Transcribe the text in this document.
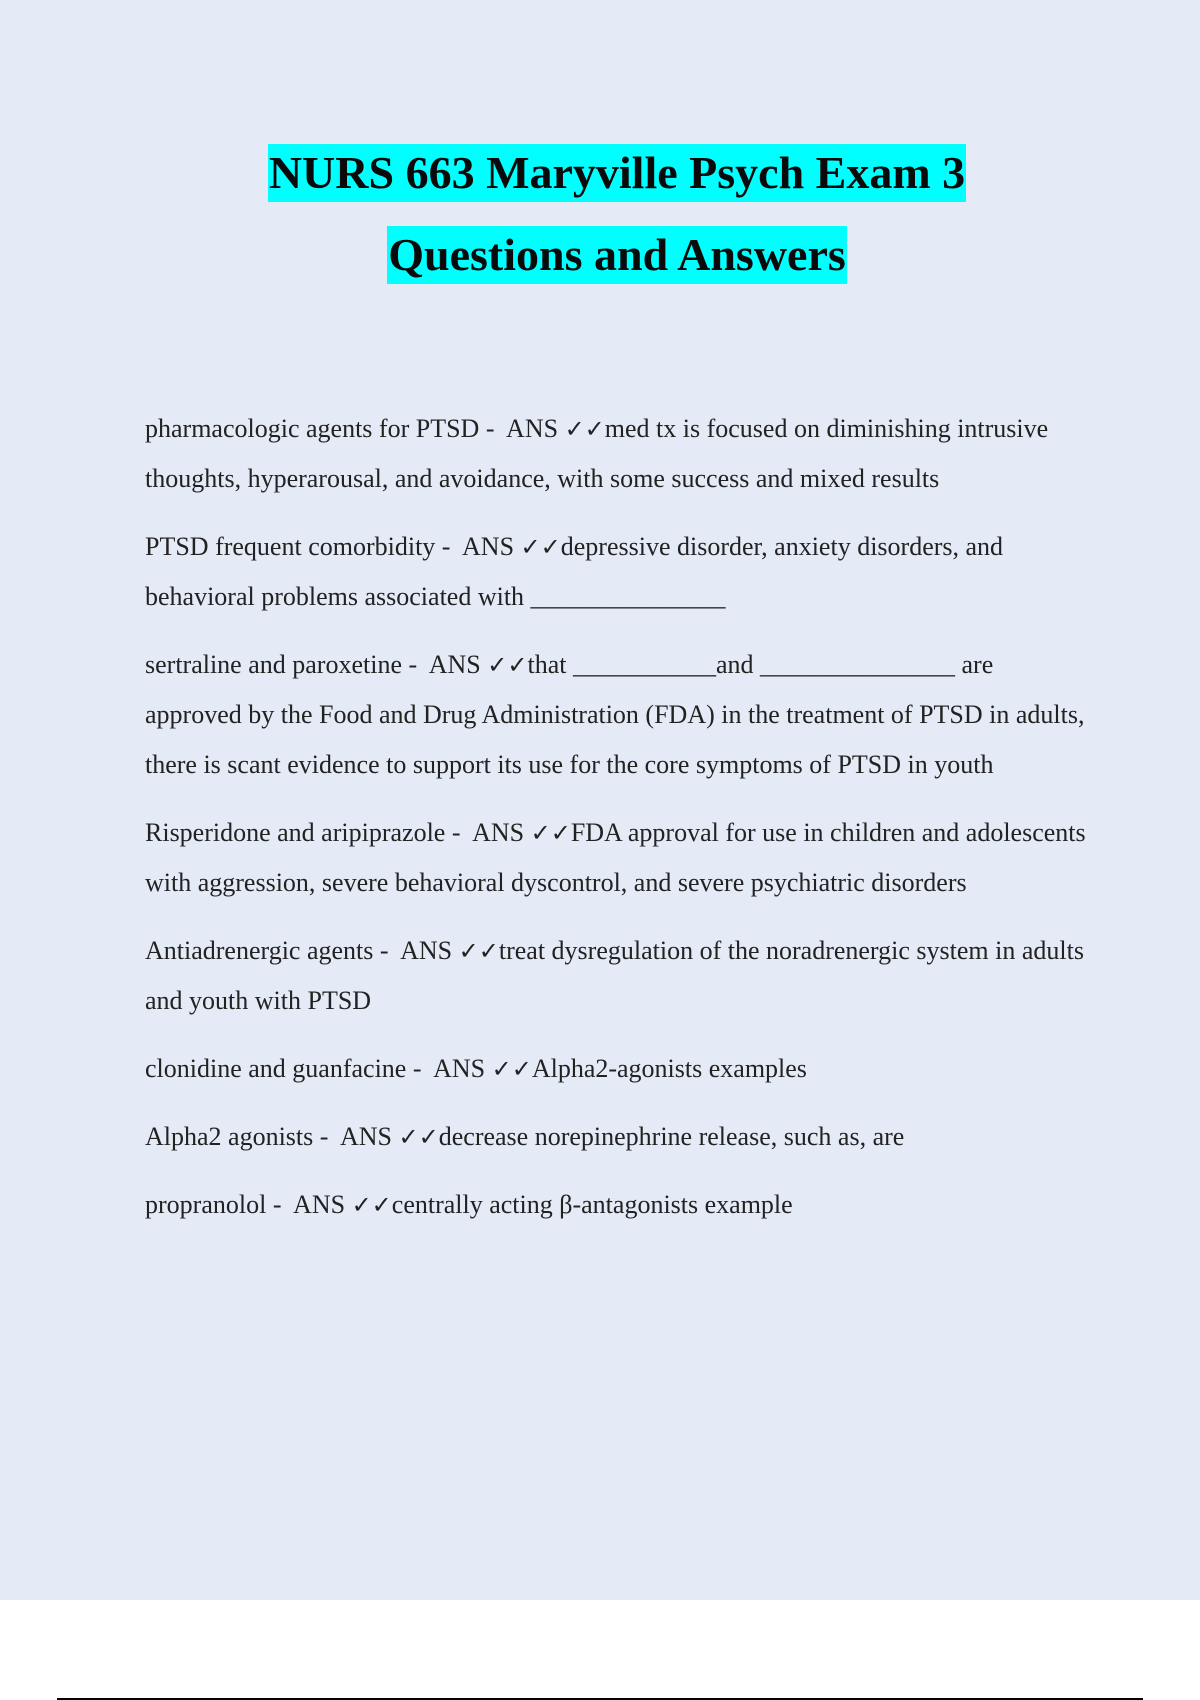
NURS 663 Maryville Psych Exam 3
Questions and Answers

pharmacologic agents for PTSD -  ANS ✓✓med tx is focused on diminishing intrusive thoughts, hyperarousal, and avoidance, with some success and mixed results

PTSD frequent comorbidity -  ANS ✓✓depressive disorder, anxiety disorders, and behavioral problems associated with _______________

sertraline and paroxetine -  ANS ✓✓that ___________and _______________ are approved by the Food and Drug Administration (FDA) in the treatment of PTSD in adults, there is scant evidence to support its use for the core symptoms of PTSD in youth

Risperidone and aripiprazole -  ANS ✓✓FDA approval for use in children and adolescents with aggression, severe behavioral dyscontrol, and severe psychiatric disorders

Antiadrenergic agents -  ANS ✓✓treat dysregulation of the noradrenergic system in adults and youth with PTSD

clonidine and guanfacine -  ANS ✓✓Alpha2-agonists examples

Alpha2 agonists -  ANS ✓✓decrease norepinephrine release, such as, are

propranolol -  ANS ✓✓centrally acting β-antagonists example
